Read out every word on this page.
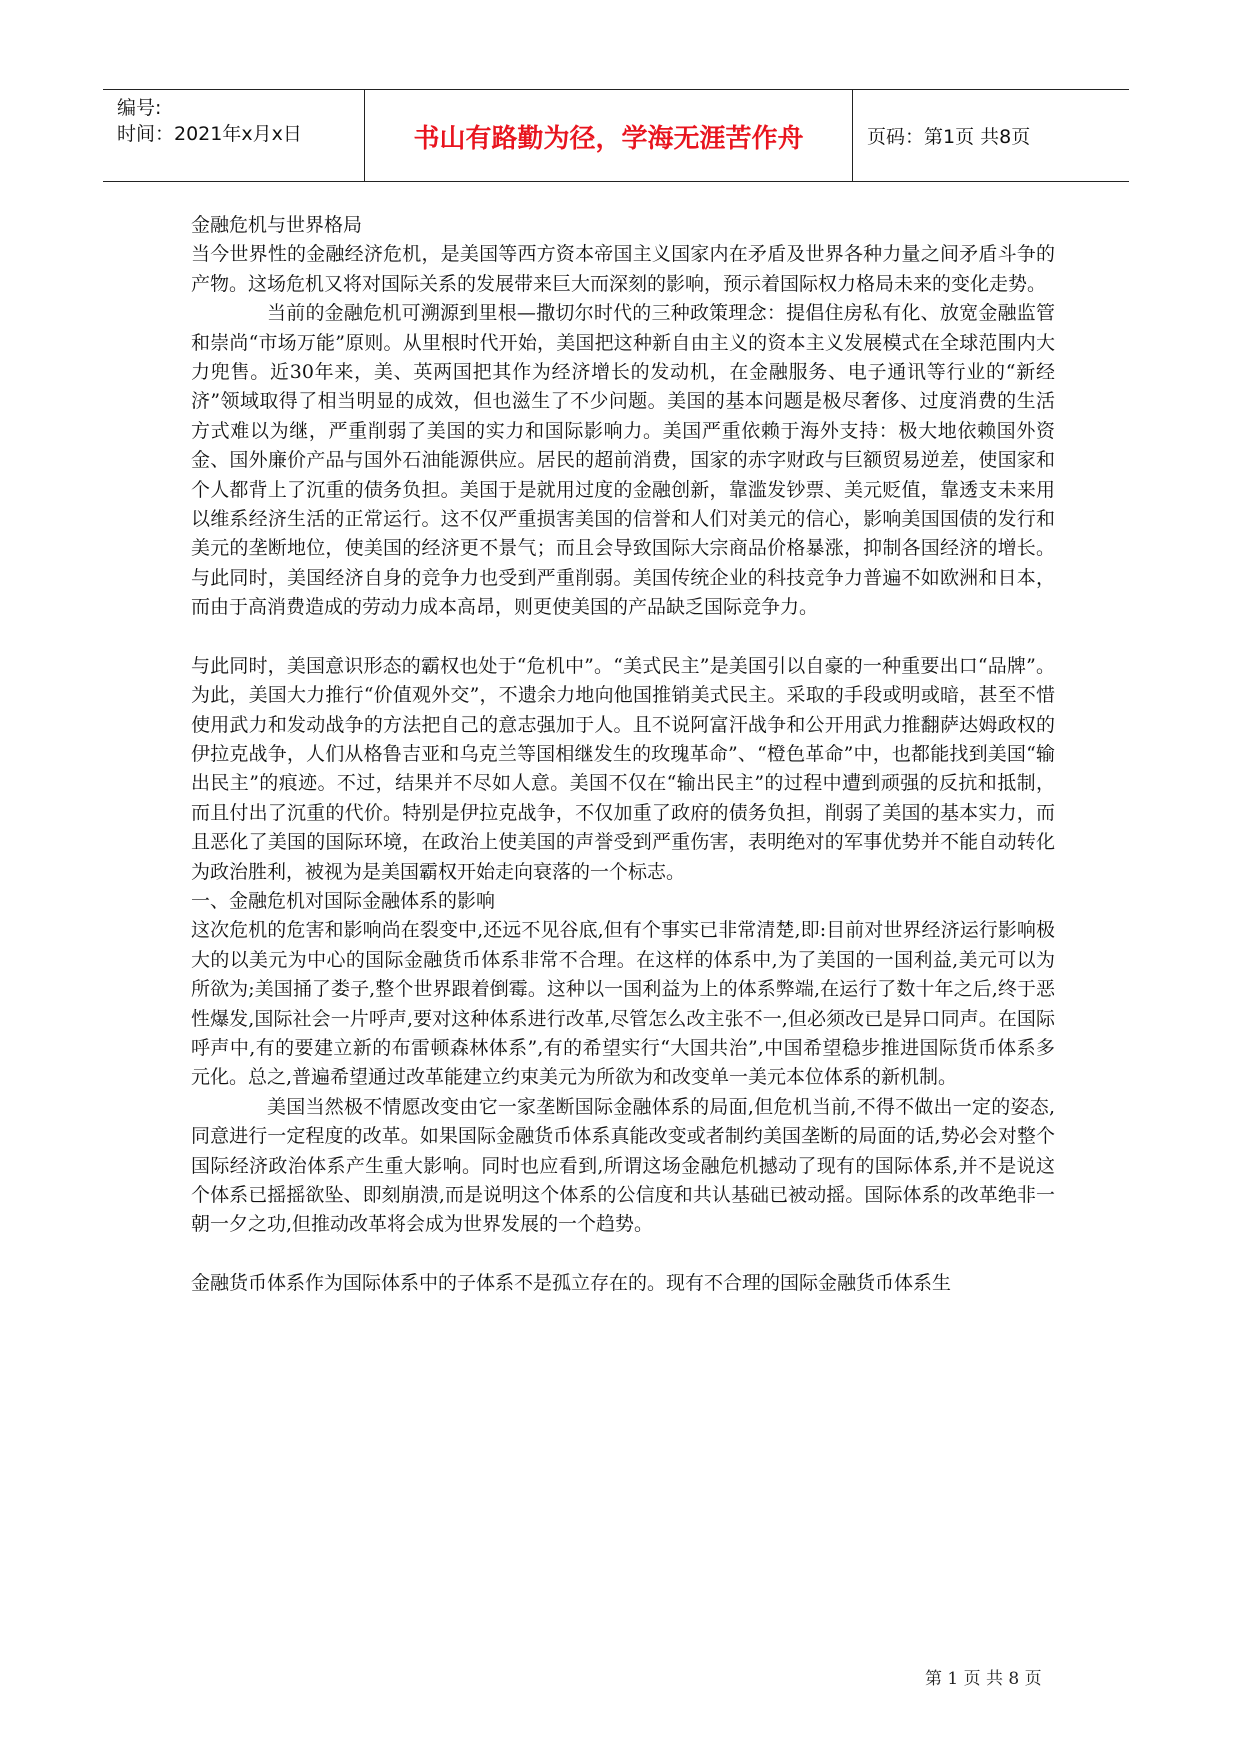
编号:
时间：2021年x月x日	书山有路勤为径，学海无涯苦作舟	页码：第1页 共8页

金融危机与世界格局

当今世界性的金融经济危机，是美国等西方资本帝国主义国家内在矛盾及世界各种力量之间矛盾斗争的产物。这场危机又将对国际关系的发展带来巨大而深刻的影响，预示着国际权力格局未来的变化走势。

当前的金融危机可溯源到里根—撒切尔时代的三种政策理念：提倡住房私有化、放宽金融监管和崇尚“市场万能”原则。从里根时代开始，美国把这种新自由主义的资本主义发展模式在全球范围内大力兜售。近30年来，美、英两国把其作为经济增长的发动机，在金融服务、电子通讯等行业的“新经济”领域取得了相当明显的成效，但也滋生了不少问题。美国的基本问题是极尽奢侈、过度消费的生活方式难以为继，严重削弱了美国的实力和国际影响力。美国严重依赖于海外支持：极大地依赖国外资金、国外廉价产品与国外石油能源供应。居民的超前消费，国家的赤字财政与巨额贸易逆差，使国家和个人都背上了沉重的债务负担。美国于是就用过度的金融创新，靠滥发钞票、美元贬值，靠透支未来用以维系经济生活的正常运行。这不仅严重损害美国的信誉和人们对美元的信心，影响美国国债的发行和美元的垄断地位，使美国的经济更不景气；而且会导致国际大宗商品价格暴涨，抑制各国经济的增长。与此同时，美国经济自身的竞争力也受到严重削弱。美国传统企业的科技竞争力普遍不如欧洲和日本，而由于高消费造成的劳动力成本高昂，则更使美国的产品缺乏国际竞争力。

与此同时，美国意识形态的霸权也处于“危机中”。“美式民主”是美国引以自豪的一种重要出口“品牌”。为此，美国大力推行“价值观外交”，不遗余力地向他国推销美式民主。采取的手段或明或暗，甚至不惜使用武力和发动战争的方法把自己的意志强加于人。且不说阿富汗战争和公开用武力推翻萨达姆政权的伊拉克战争，人们从格鲁吉亚和乌克兰等国相继发生的玫瑰革命”、“橙色革命”中，也都能找到美国“输出民主”的痕迹。不过，结果并不尽如人意。美国不仅在“输出民主”的过程中遭到顽强的反抗和抵制，而且付出了沉重的代价。特别是伊拉克战争，不仅加重了政府的债务负担，削弱了美国的基本实力，而且恶化了美国的国际环境，在政治上使美国的声誉受到严重伤害，表明绝对的军事优势并不能自动转化为政治胜利，被视为是美国霸权开始走向衰落的一个标志。

一、金融危机对国际金融体系的影响

这次危机的危害和影响尚在裂变中,还远不见谷底,但有个事实已非常清楚,即:目前对世界经济运行影响极大的以美元为中心的国际金融货币体系非常不合理。在这样的体系中,为了美国的一国利益,美元可以为所欲为;美国捅了娄子,整个世界跟着倒霉。这种以一国利益为上的体系弊端,在运行了数十年之后,终于恶性爆发,国际社会一片呼声,要对这种体系进行改革,尽管怎么改主张不一,但必须改已是异口同声。在国际呼声中,有的要建立新的布雷顿森林体系”,有的希望实行“大国共治”,中国希望稳步推进国际货币体系多元化。总之,普遍希望通过改革能建立约束美元为所欲为和改变单一美元本位体系的新机制。

美国当然极不情愿改变由它一家垄断国际金融体系的局面,但危机当前,不得不做出一定的姿态,同意进行一定程度的改革。如果国际金融货币体系真能改变或者制约美国垄断的局面的话,势必会对整个国际经济政治体系产生重大影响。同时也应看到,所谓这场金融危机撼动了现有的国际体系,并不是说这个体系已摇摇欲坠、即刻崩溃,而是说明这个体系的公信度和共认基础已被动摇。国际体系的改革绝非一朝一夕之功,但推动改革将会成为世界发展的一个趋势。

金融货币体系作为国际体系中的子体系不是孤立存在的。现有不合理的国际金融货币体系生

第 1 页 共 8 页
